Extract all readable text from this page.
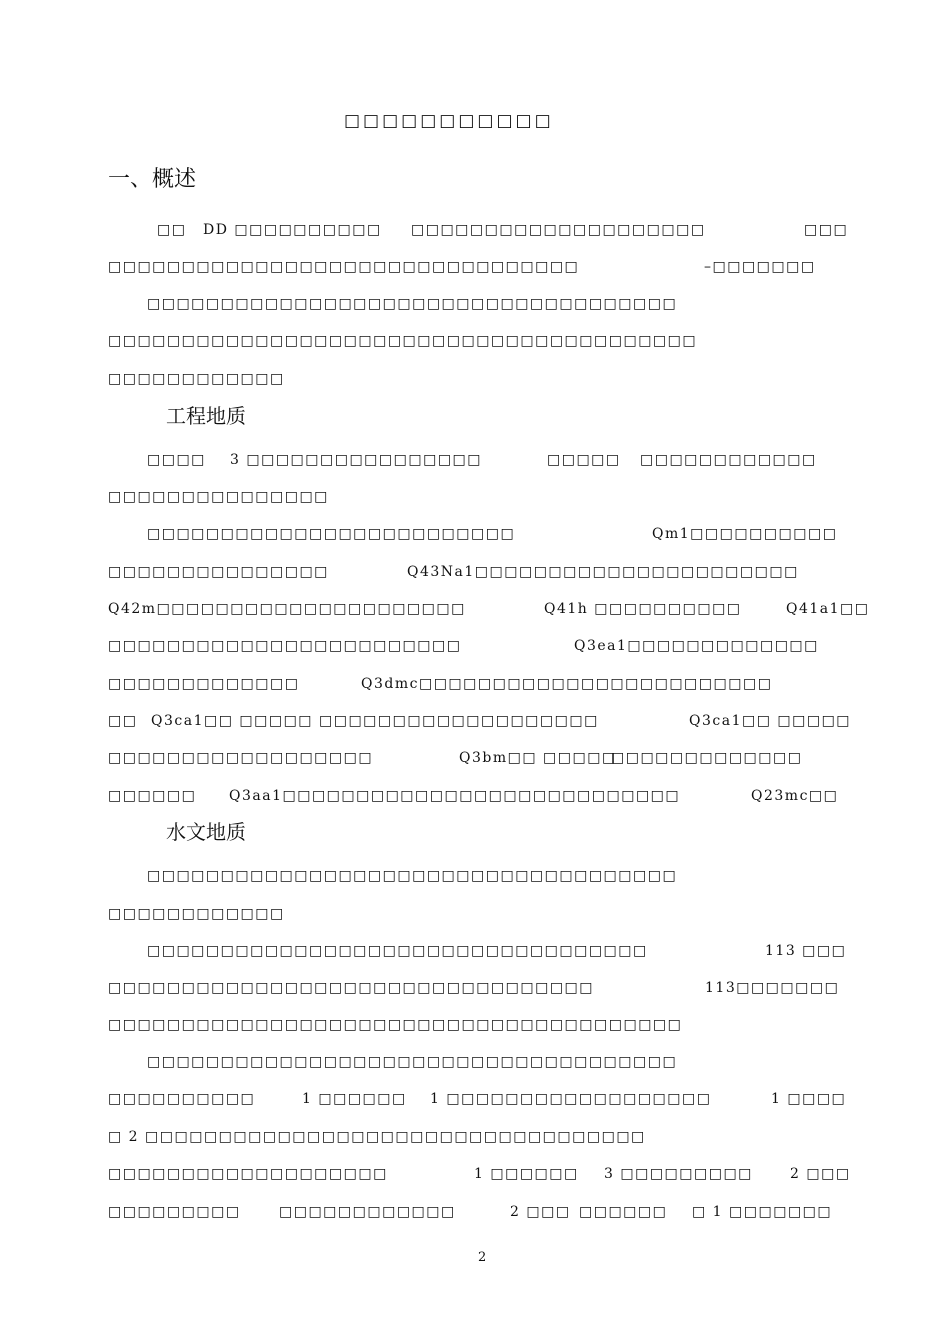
□□□□□□□□□□□
一、概述
□□ DD □□□□□□□□□□ □□□□□□□□□□□□□□□□□□□□	□□□
□□□□□□□□□□□□□□□□□□□□□□□□□□□□□□□□	–□□□□□□□
□□□□□□□□□□□□□□□□□□□□□□□□□□□□□□□□□□□□
□□□□□□□□□□□□□□□□□□□□□□□□□□□□□□□□□□□□□□□□
□□□□□□□□□□□□
工程地质
□□□□ 3 □□□□□□□□□□□□□□□□	□□□□□ □□□□□□□□□□□□
□□□□□□□□□□□□□□□
□□□□□□□□□□□□□□□□□□□□□□□□□	Qm1□□□□□□□□□□
□□□□□□□□□□□□□□□	Q43Na1□□□□□□□□□□□□□□□□□□□□□□
Q42m□□□□□□□□□□□□□□□□□□□□□	Q41h □□□□□□□□□□	Q41a1□□
□□□□□□□□□□□□□□□□□□□□□□□□	Q3ea1□□□□□□□□□□□□□
□□□□□□□□□□□□□	Q3dmc□□□□□□□□□□□□□□□□□□□□□□□□
□□ Q3ca1□□ □□□□□ □□□□□□□□□□□□□□□□□□□	Q3ca1□□ □□□□□
□□□□□□□□□□□□□□□□□□	Q3bm□□ □□□□□
□□□□□□□□□□□□□
□□□□□□ Q3aa1□□□□□□□□□□□□□□□□□□□□□□□□□□□	Q23mc□□
水文地质
□□□□□□□□□□□□□□□□□□□□□□□□□□□□□□□□□□□□
□□□□□□□□□□□□
□□□□□□□□□□□□□□□□□□□□□□□□□□□□□□□□□□	113 □□□
□□□□□□□□□□□□□□□□□□□□□□□□□□□□□□□□□	113□□□□□□□
□□□□□□□□□□□□□□□□□□□□□□□□□□□□□□□□□□□□□□□
□□□□□□□□□□□□□□□□□□□□□□□□□□□□□□□□□□□□
□□□□□□□□□□	1 □□□□□□ 1 □□□□□□□□□□□□□□□□□□	1 □□□□
□ 2 □□□□□□□□□□□□□□□□□□□□□□□□□□□□□□□□□□
□□□□□□□□□□□□□□□□□□□	1 □□□□□□ 3 □□□□□□□□□	2 □□□
□□□□□□□□□	□□□□□□□□□□□□	2 □□□ □□□□□□ □ 1 □□□□□□□
2
